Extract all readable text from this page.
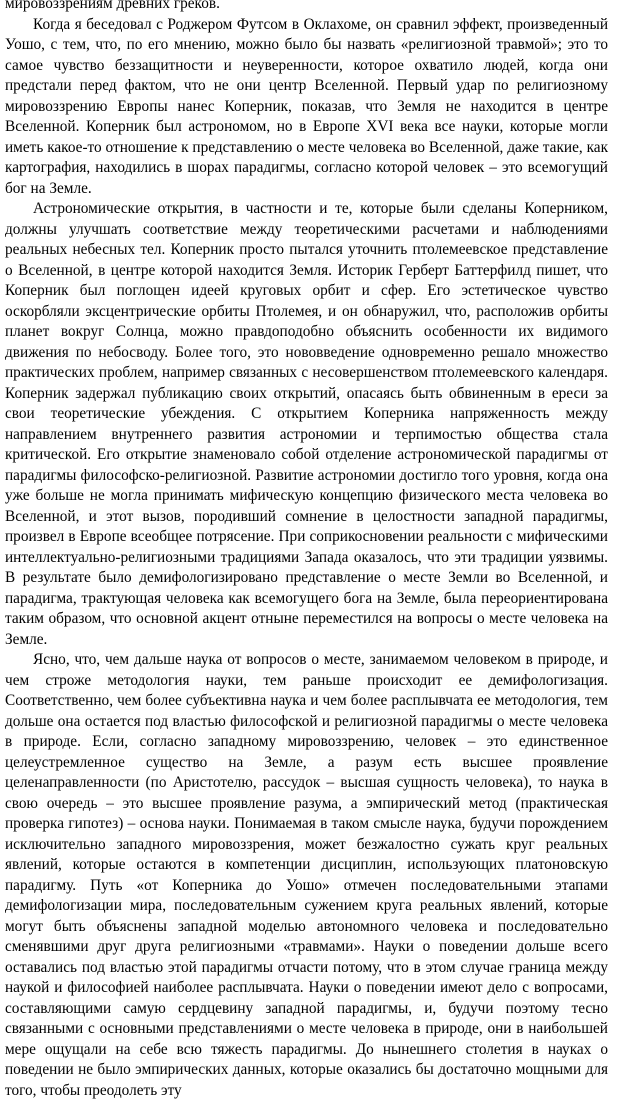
мировоззрениям древних греков.

Когда я беседовал с Роджером Футсом в Оклахоме, он сравнил эффект, произведенный Уошо, с тем, что, по его мнению, можно было бы назвать «религиозной травмой»; это то самое чувство беззащитности и неуверенности, которое охватило людей, когда они предстали перед фактом, что не они центр Вселенной. Первый удар по религиозному мировоззрению Европы нанес Коперник, показав, что Земля не находится в центре Вселенной. Коперник был астрономом, но в Европе XVI века все науки, которые могли иметь какое-то отношение к представлению о месте человека во Вселенной, даже такие, как картография, находились в шорах парадигмы, согласно которой человек – это всемогущий бог на Земле.

Астрономические открытия, в частности и те, которые были сделаны Коперником, должны улучшать соответствие между теоретическими расчетами и наблюдениями реальных небесных тел. Коперник просто пытался уточнить птолемеевское представление о Вселенной, в центре которой находится Земля. Историк Герберт Баттерфилд пишет, что Коперник был поглощен идеей круговых орбит и сфер. Его эстетическое чувство оскорбляли эксцентрические орбиты Птолемея, и он обнаружил, что, расположив орбиты планет вокруг Солнца, можно правдоподобно объяснить особенности их видимого движения по небосводу. Более того, это нововведение одновременно решало множество практических проблем, например связанных с несовершенством птолемеевского календаря. Коперник задержал публикацию своих открытий, опасаясь быть обвиненным в ереси за свои теоретические убеждения. С открытием Коперника напряженность между направлением внутреннего развития астрономии и терпимостью общества стала критической. Его открытие знаменовало собой отделение астрономической парадигмы от парадигмы философско-религиозной. Развитие астрономии достигло того уровня, когда она уже больше не могла принимать мифическую концепцию физического места человека во Вселенной, и этот вызов, породивший сомнение в целостности западной парадигмы, произвел в Европе всеобщее потрясение. При соприкосновении реальности с мифическими интеллектуально-религиозными традициями Запада оказалось, что эти традиции уязвимы. В результате было демифологизировано представление о месте Земли во Вселенной, и парадигма, трактующая человека как всемогущего бога на Земле, была переориентирована таким образом, что основной акцент отныне переместился на вопросы о месте человека на Земле.

Ясно, что, чем дальше наука от вопросов о месте, занимаемом человеком в природе, и чем строже методология науки, тем раньше происходит ее демифологизация. Соответственно, чем более субъективна наука и чем более расплывчата ее методология, тем дольше она остается под властью философской и религиозной парадигмы о месте человека в природе. Если, согласно западному мировоззрению, человек – это единственное целеустремленное существо на Земле, а разум есть высшее проявление целенаправленности (по Аристотелю, рассудок – высшая сущность человека), то наука в свою очередь – это высшее проявление разума, а эмпирический метод (практическая проверка гипотез) – основа науки. Понимаемая в таком смысле наука, будучи порождением исключительно западного мировоззрения, может безжалостно сужать круг реальных явлений, которые остаются в компетенции дисциплин, использующих платоновскую парадигму. Путь «от Коперника до Уошо» отмечен последовательными этапами демифологизации мира, последовательным сужением круга реальных явлений, которые могут быть объяснены западной моделью автономного человека и последовательно сменявшими друг друга религиозными «травмами». Науки о поведении дольше всего оставались под властью этой парадигмы отчасти потому, что в этом случае граница между наукой и философией наиболее расплывчата. Науки о поведении имеют дело с вопросами, составляющими самую сердцевину западной парадигмы, и, будучи поэтому тесно связанными с основными представлениями о месте человека в природе, они в наибольшей мере ощущали на себе всю тяжесть парадигмы. До нынешнего столетия в науках о поведении не было эмпирических данных, которые оказались бы достаточно мощными для того, чтобы преодолеть эту
